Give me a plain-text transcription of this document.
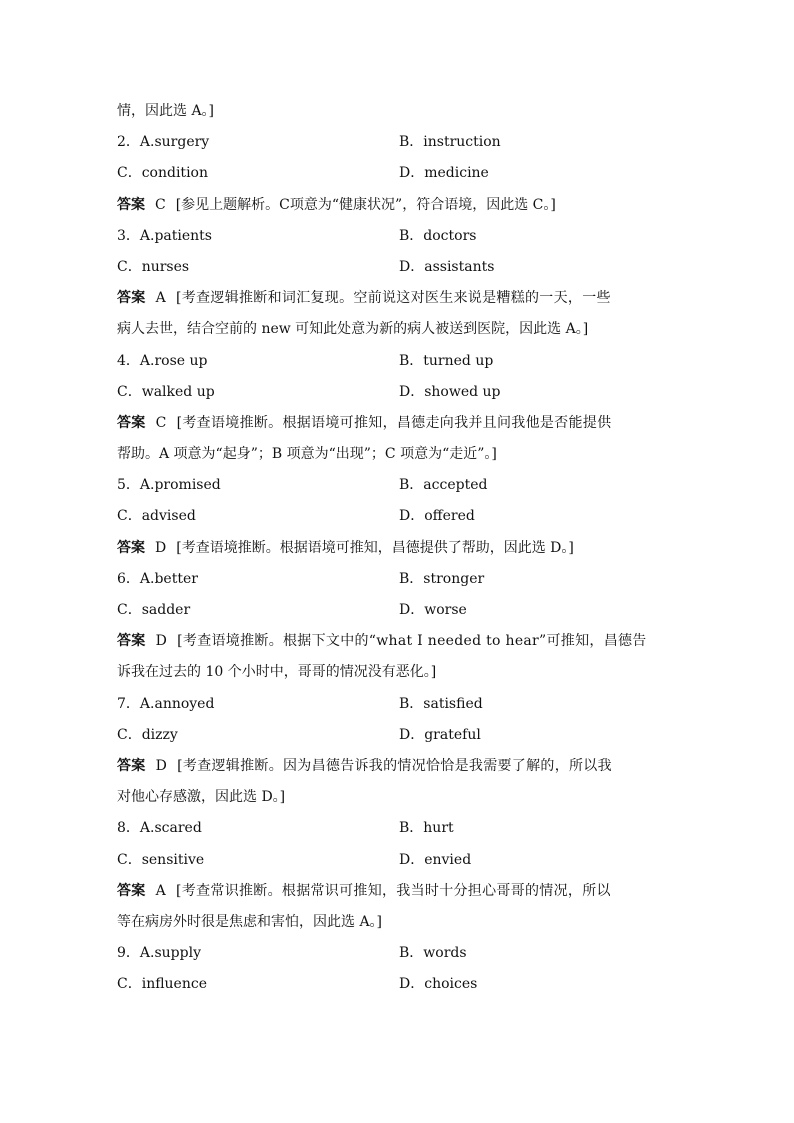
情，因此选 A。]
2．A.surgery	B．instruction
C．condition	D．medicine
答案 C [参见上题解析。C项意为“健康状况”，符合语境，因此选 C。]
3．A.patients	B．doctors
C．nurses	D．assistants
答案 A [考查逻辑推断和词汇复现。空前说这对医生来说是糟糕的一天，一些
病人去世，结合空前的 new 可知此处意为新的病人被送到医院，因此选 A。]
4．A.rose up	B．turned up
C．walked up	D．showed up
答案 C [考查语境推断。根据语境可推知，昌德走向我并且问我他是否能提供
帮助。A 项意为“起身”；B 项意为“出现”；C 项意为“走近”。]
5．A.promised	B．accepted
C．advised	D．offered
答案 D [考查语境推断。根据语境可推知，昌德提供了帮助，因此选 D。]
6．A.better	B．stronger
C．sadder	D．worse
答案 D [考查语境推断。根据下文中的“what I needed to hear”可推知，昌德告
诉我在过去的 10 个小时中，哥哥的情况没有恶化。]
7．A.annoyed	B．satisfied
C．dizzy	D．grateful
答案 D [考查逻辑推断。因为昌德告诉我的情况恰恰是我需要了解的，所以我
对他心存感激，因此选 D。]
8．A.scared	B．hurt
C．sensitive	D．envied
答案 A [考查常识推断。根据常识可推知，我当时十分担心哥哥的情况，所以
等在病房外时很是焦虑和害怕，因此选 A。]
9．A.supply	B．words
C．influence	D．choices
